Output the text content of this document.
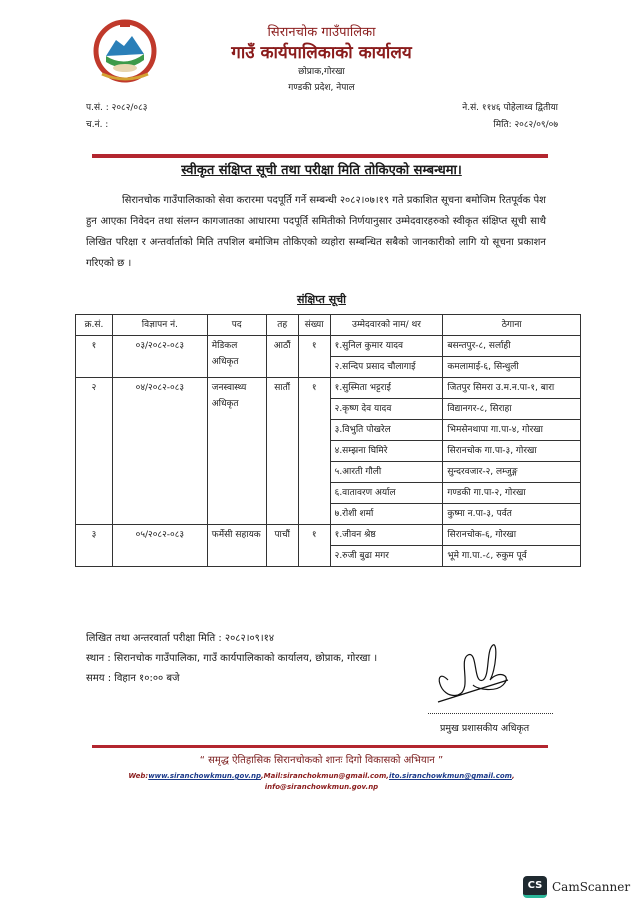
सिरानचोक गाउँपालिका
गाउँ कार्यपालिकाको कार्यालय
छोप्राक,गोरखा
गण्डकी प्रदेश, नेपाल
प.सं. : २०८२/०८३
च.नं. :
ने.सं. ११४६ पोहेलाथ्व द्वितीया
मिति: २०८२/०९/०७
स्वीकृत संक्षिप्त सूची तथा परीक्षा मिति तोकिएको सम्बन्धमा।
सिरानचोक गाउँपालिकाको सेवा करारमा पदपूर्ति गर्ने सम्बन्धी २०८२।०७।१९ गते प्रकाशित सूचना बमोजिम रितपूर्वक पेश हुन आएका निवेदन तथा संलग्न कागजातका आधारमा पदपूर्ति समितीको निर्णयानुसार उम्मेदवारहरुको स्वीकृत संक्षिप्त सूची साथै लिखित परिक्षा र अन्तर्वार्ताको मिति तपशिल बमोजिम तोकिएको व्यहोरा सम्बन्धित सबैको जानकारीको लागि यो सूचना प्रकाशन गरिएको छ ।
संक्षिप्त सूची
क्र.सं.	विज्ञापन नं.	पद	तह	संख्या	उम्मेदवारको नाम/ थर	ठेगाना
१	०३/२०८२-०८३	मेडिकल अधिकृत	आठौं	१	१.सुनिल कुमार यादव	बसन्तपुर-८, सर्लाही
					२.सन्दिप प्रसाद चौलागाई	कमलामाई-६, सिन्धुली
२	०४/२०८२-०८३	जनस्वास्थ्य अधिकृत	सातौं	१	१.सुस्मिता भट्टराई	जितपुर सिमरा उ.म.न.पा-१, बारा
					२.कृष्ण देव यादव	विद्यानगर-८, सिराहा
					३.विभुति पोखरेल	भिमसेनथापा गा.पा-४, गोरखा
					४.सम्झना घिमिरे	सिरानचोक गा.पा-३, गोरखा
					५.आरती गौली	सुन्दरवजार-२, लम्जुङ्ग
					६.वातावरण अर्याल	गण्डकी गा.पा-२, गोरखा
					७.रोशी शर्मा	कुष्मा न.पा-३, पर्वत
३	०५/२०८२-०८३	फर्मेसी सहायक	पाचौं	१	१.जीवन श्रेष्ठ	सिरानचोक-६, गोरखा
					२.रुजी बुढा मगर	भूमे गा.पा.-८, रुकुम पूर्व
लिखित तथा अन्तरवार्ता परीक्षा मिति : २०८२।०९।१४
स्थान : सिरानचोक गाउँपालिका, गाउँ कार्यपालिकाको कार्यालय, छोप्राक, गोरखा ।
समय : विहान १०:०० बजे
प्रमुख प्रशासकीय अधिकृत
“ समृद्ध ऐतिहासिक सिरानचोकको शानः दिगो विकासको अभियान ”
Web:www.siranchowkmun.gov.np,Mail:siranchokmun@gmail.com,ito.siranchowkmun@gmail.com,
info@siranchowkmun.gov.np
CS CamScanner
